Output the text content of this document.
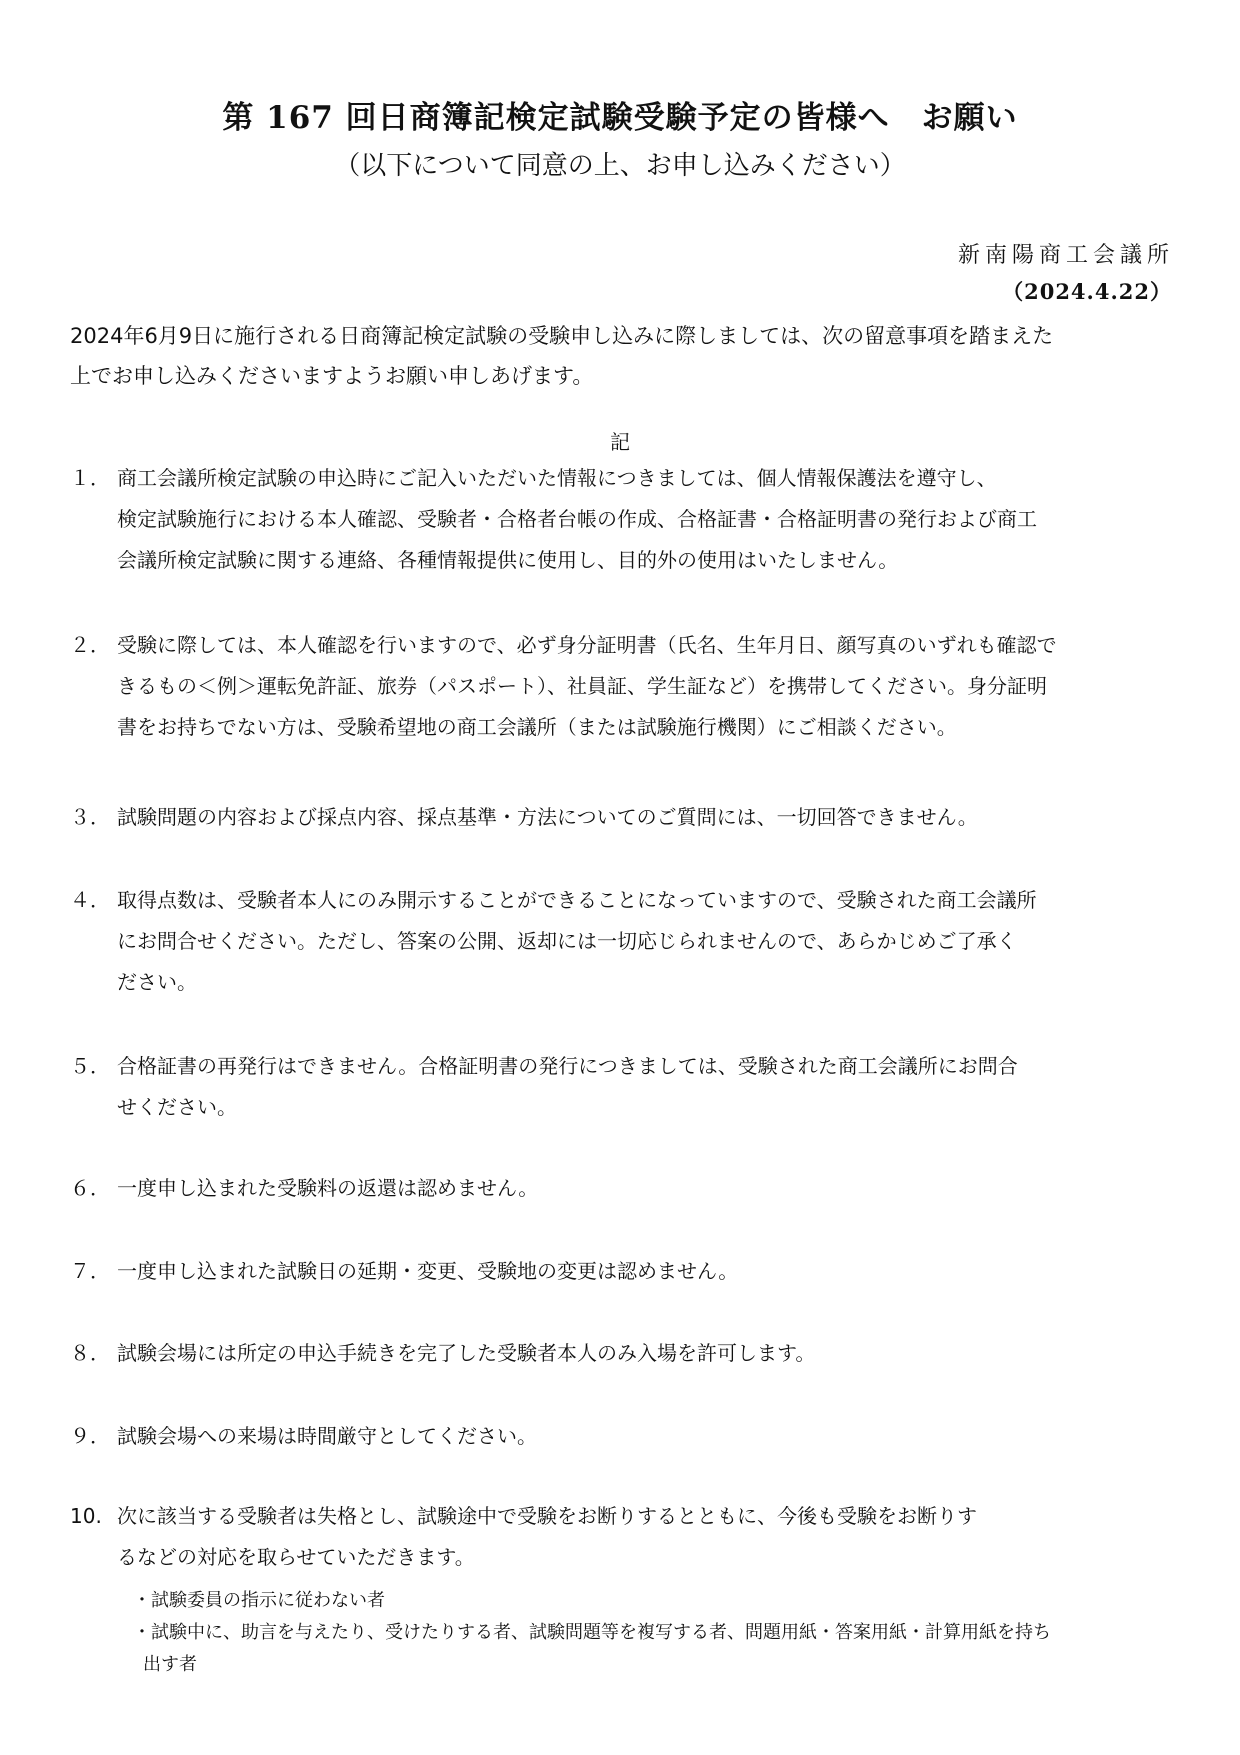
第 167 回日商簿記検定試験受験予定の皆様へ　お願い
（以下について同意の上、お申し込みください）
新南陽商工会議所
（2024.4.22）
2024年6月9日に施行される日商簿記検定試験の受験申し込みに際しましては、次の留意事項を踏まえた
上でお申し込みくださいますようお願い申しあげます。
記
１． 商工会議所検定試験の申込時にご記入いただいた情報につきましては、個人情報保護法を遵守し、
検定試験施行における本人確認、受験者・合格者台帳の作成、合格証書・合格証明書の発行および商工
会議所検定試験に関する連絡、各種情報提供に使用し、目的外の使用はいたしません。
２． 受験に際しては、本人確認を行いますので、必ず身分証明書（氏名、生年月日、顔写真のいずれも確認で
きるもの＜例＞運転免許証、旅券（パスポート）、社員証、学生証など）を携帯してください。身分証明
書をお持ちでない方は、受験希望地の商工会議所（または試験施行機関）にご相談ください。
３． 試験問題の内容および採点内容、採点基準・方法についてのご質問には、一切回答できません。
４． 取得点数は、受験者本人にのみ開示することができることになっていますので、受験された商工会議所
にお問合せください。ただし、答案の公開、返却には一切応じられませんので、あらかじめご了承く
ださい。
５． 合格証書の再発行はできません。合格証明書の発行につきましては、受験された商工会議所にお問合
せください。
６． 一度申し込まれた受験料の返還は認めません。
７． 一度申し込まれた試験日の延期・変更、受験地の変更は認めません。
８． 試験会場には所定の申込手続きを完了した受験者本人のみ入場を許可します。
９． 試験会場への来場は時間厳守としてください。
10. 次に該当する受験者は失格とし、試験途中で受験をお断りするとともに、今後も受験をお断りす
るなどの対応を取らせていただきます。
・試験委員の指示に従わない者
・試験中に、助言を与えたり、受けたりする者、試験問題等を複写する者、問題用紙・答案用紙・計算用紙を持ち
出す者
